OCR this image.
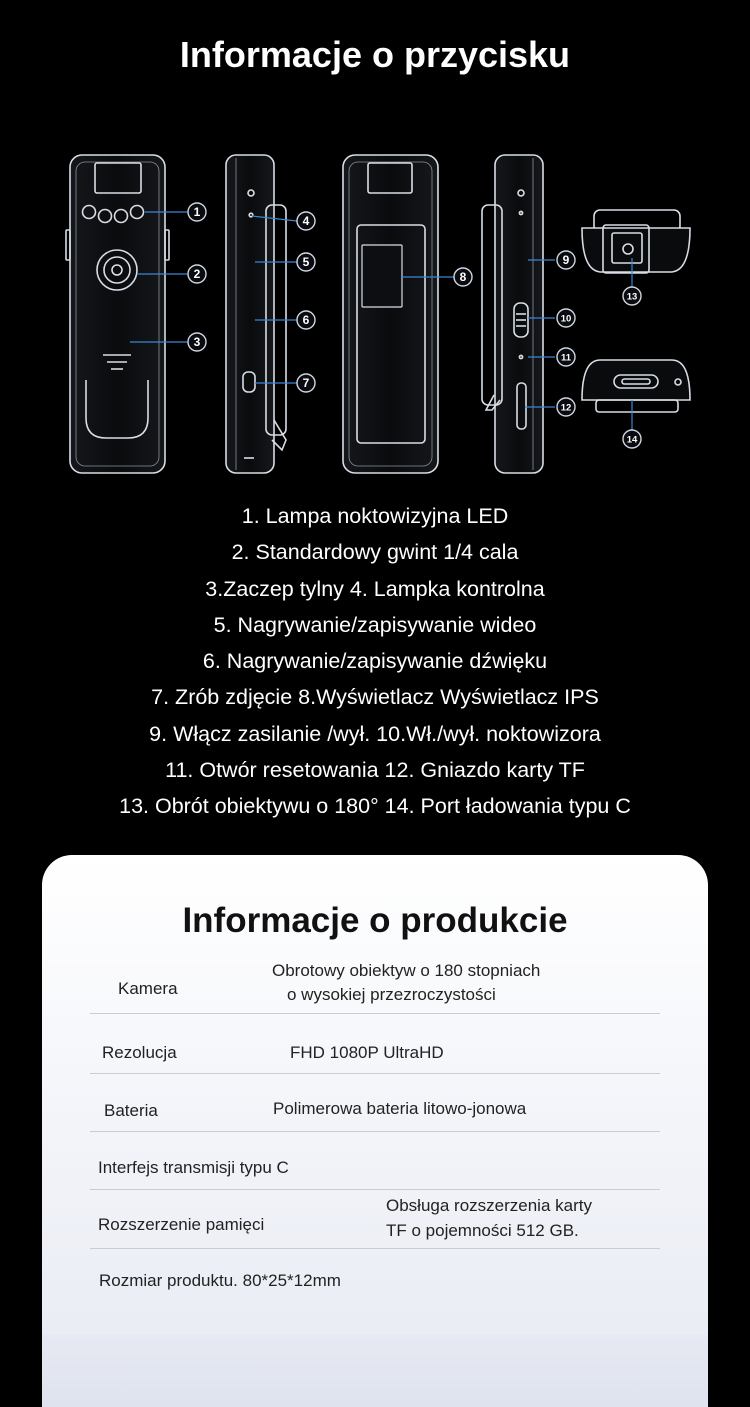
Informacje o przycisku
1
2
3
4
5
6
7
8
9
10
11
12
13
14
1. Lampa noktowizyjna LED
2. Standardowy gwint 1/4 cala
3.Zaczep tylny 4. Lampka kontrolna
5. Nagrywanie/zapisywanie wideo
6. Nagrywanie/zapisywanie dźwięku
7. Zrób zdjęcie 8.Wyświetlacz Wyświetlacz IPS
9. Włącz zasilanie /wył. 10.Wł./wył. noktowizora
11. Otwór resetowania 12. Gniazdo karty TF
13. Obrót obiektywu o 180° 14. Port ładowania typu C
Informacje o produkcie
Kamera
Obrotowy obiektyw o 180 stopniach
o wysokiej przezroczystości
Rezolucja	FHD 1080P UltraHD
Bateria	Polimerowa bateria litowo-jonowa
Interfejs transmisji typu C
Rozszerzenie pamięci
Obsługa rozszerzenia karty
TF o pojemności 512 GB.
Rozmiar produktu. 80*25*12mm
